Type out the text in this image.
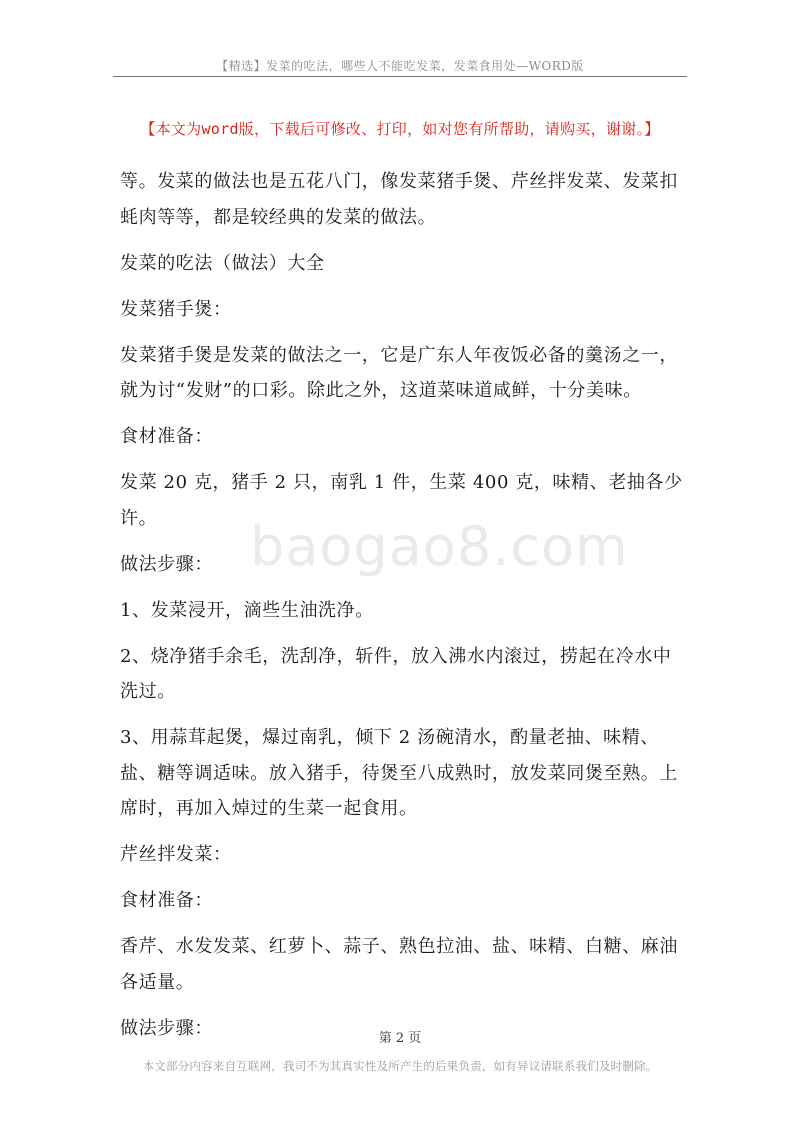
【精选】发菜的吃法，哪些人不能吃发菜，发菜食用处—WORD版
【本文为word版，下载后可修改、打印，如对您有所帮助，请购买，谢谢。】

等。发菜的做法也是五花八门，像发菜猪手煲、芹丝拌发菜、发菜扣蚝肉等等，都是较经典的发菜的做法。

发菜的吃法（做法）大全

发菜猪手煲：

发菜猪手煲是发菜的做法之一，它是广东人年夜饭必备的羹汤之一，就为讨“发财”的口彩。除此之外，这道菜味道咸鲜，十分美味。

食材准备：

发菜 20 克，猪手 2 只，南乳 1 件，生菜 400 克，味精、老抽各少许。

做法步骤：

1、发菜浸开，滴些生油洗净。

2、烧净猪手余毛，洗刮净，斩件，放入沸水内滚过，捞起在冷水中洗过。

3、用蒜茸起煲，爆过南乳，倾下 2 汤碗清水，酌量老抽、味精、盐、糖等调适味。放入猪手，待煲至八成熟时，放发菜同煲至熟。上席时，再加入焯过的生菜一起食用。

芹丝拌发菜：

食材准备：

香芹、水发发菜、红萝卜、蒜子、熟色拉油、盐、味精、白糖、麻油各适量。

做法步骤：

baogao8.com
第 2 页
本文部分内容来自互联网，我司不为其真实性及所产生的后果负责，如有异议请联系我们及时删除。
